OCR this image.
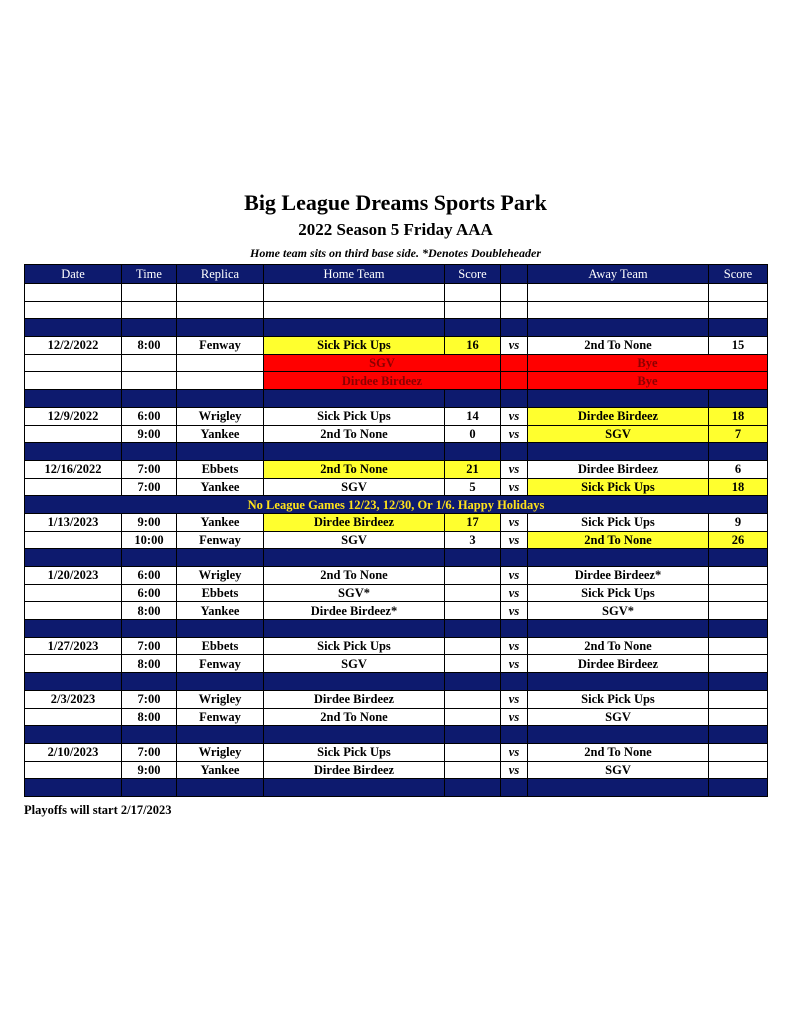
Big League Dreams Sports Park
2022 Season 5 Friday AAA
Home team sits on third base side. *Denotes Doubleheader
Date	Time	Replica	Home Team	Score		Away Team	Score

12/2/2022	8:00	Fenway	Sick Pick Ups	16	vs	2nd To None	15
			SGV			Bye	
			Dirdee Birdeez			Bye	

12/9/2022	6:00	Wrigley	Sick Pick Ups	14	vs	Dirdee Birdeez	18
	9:00	Yankee	2nd To None	0	vs	SGV	7

12/16/2022	7:00	Ebbets	2nd To None	21	vs	Dirdee Birdeez	6
	7:00	Yankee	SGV	5	vs	Sick Pick Ups	18
No League Games 12/23, 12/30, Or 1/6. Happy Holidays							
1/13/2023	9:00	Yankee	Dirdee Birdeez	17	vs	Sick Pick Ups	9
	10:00	Fenway	SGV	3	vs	2nd To None	26

1/20/2023	6:00	Wrigley	2nd To None		vs	Dirdee Birdeez*	
	6:00	Ebbets	SGV*		vs	Sick Pick Ups	
	8:00	Yankee	Dirdee Birdeez*		vs	SGV*	

1/27/2023	7:00	Ebbets	Sick Pick Ups		vs	2nd To None	
	8:00	Fenway	SGV		vs	Dirdee Birdeez	

2/3/2023	7:00	Wrigley	Dirdee Birdeez		vs	Sick Pick Ups	
	8:00	Fenway	2nd To None		vs	SGV	

2/10/2023	7:00	Wrigley	Sick Pick Ups		vs	2nd To None	
	9:00	Yankee	Dirdee Birdeez		vs	SGV	

Playoffs will start 2/17/2023
